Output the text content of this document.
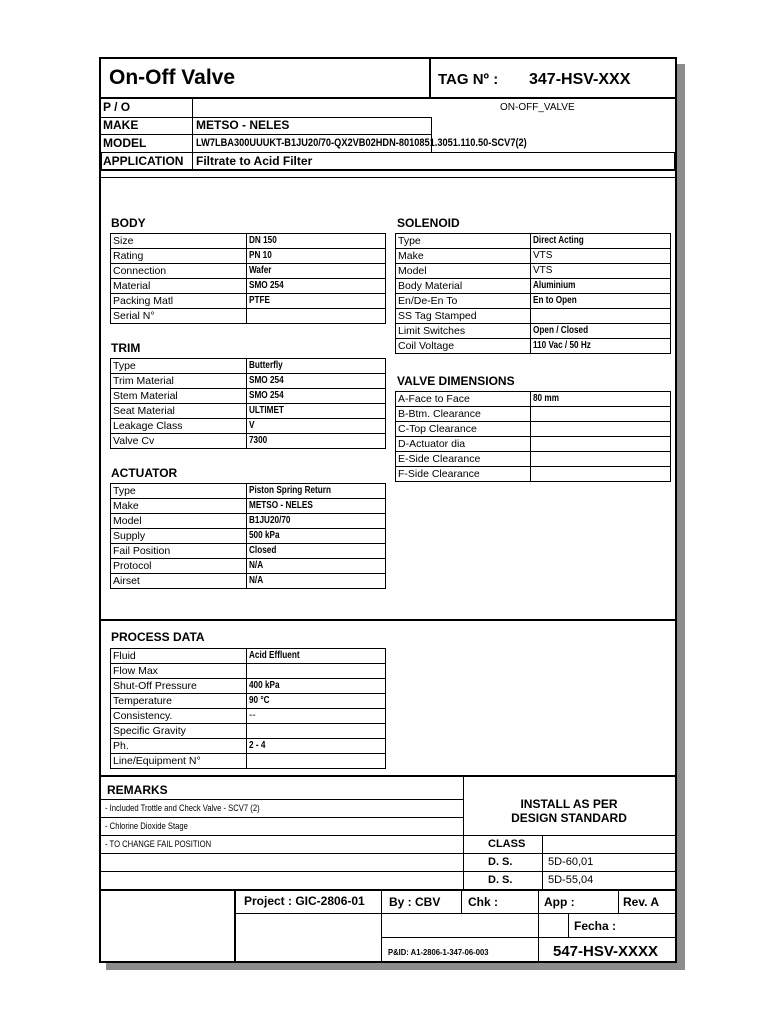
On-Off Valve	TAG Nº : 347-HSV-XXX
ON-OFF_VALVE
P / O
MAKE	METSO - NELES
MODEL	LW7LBA300UUUKT-B1JU20/70-QX2VB02HDN-8010851.3051.110.50-SCV7(2)
APPLICATION Filtrate to Acid Filter
BODY
Size	DN 150
Rating	PN 10
Connection	Wafer
Material	SMO 254
Packing Matl	PTFE
Serial N°	
TRIM
Type	Butterfly
Trim Material	SMO 254
Stem Material	SMO 254
Seat Material	ULTIMET
Leakage Class	V
Valve Cv	7300
ACTUATOR
Type	Piston Spring Return
Make	METSO - NELES
Model	B1JU20/70
Supply	500 kPa
Fail Position	Closed
Protocol	N/A
Airset	N/A
SOLENOID
Type	Direct Acting
Make	VTS
Model	VTS
Body Material	Aluminium
En/De-En To	En to Open
SS Tag Stamped	
Limit Switches	Open / Closed
Coil Voltage	110 Vac / 50 Hz
VALVE DIMENSIONS
A-Face to Face	80 mm
B-Btm. Clearance	
C-Top Clearance	
D-Actuator dia	
E-Side Clearance	
F-Side Clearance	
PROCESS DATA
Fluid	Acid Effluent
Flow Max	
Shut-Off Pressure	400 kPa
Temperature	90 °C
Consistency.	--
Specific Gravity	
Ph.	2 - 4
Line/Equipment N°	
REMARKS
- Included Trottle and Check Valve - SCV7 (2)
- Chlorine Dioxide Stage
- TO CHANGE FAIL POSITION
INSTALL AS PER
DESIGN STANDARD
CLASS
D. S.	5D-60,01
D. S.	5D-55,04
Project : GIC-2806-01 By : CBV Chk :	App :	Rev. A
Fecha :
P&ID: A1-2806-1-347-06-003	547-HSV-XXXX
